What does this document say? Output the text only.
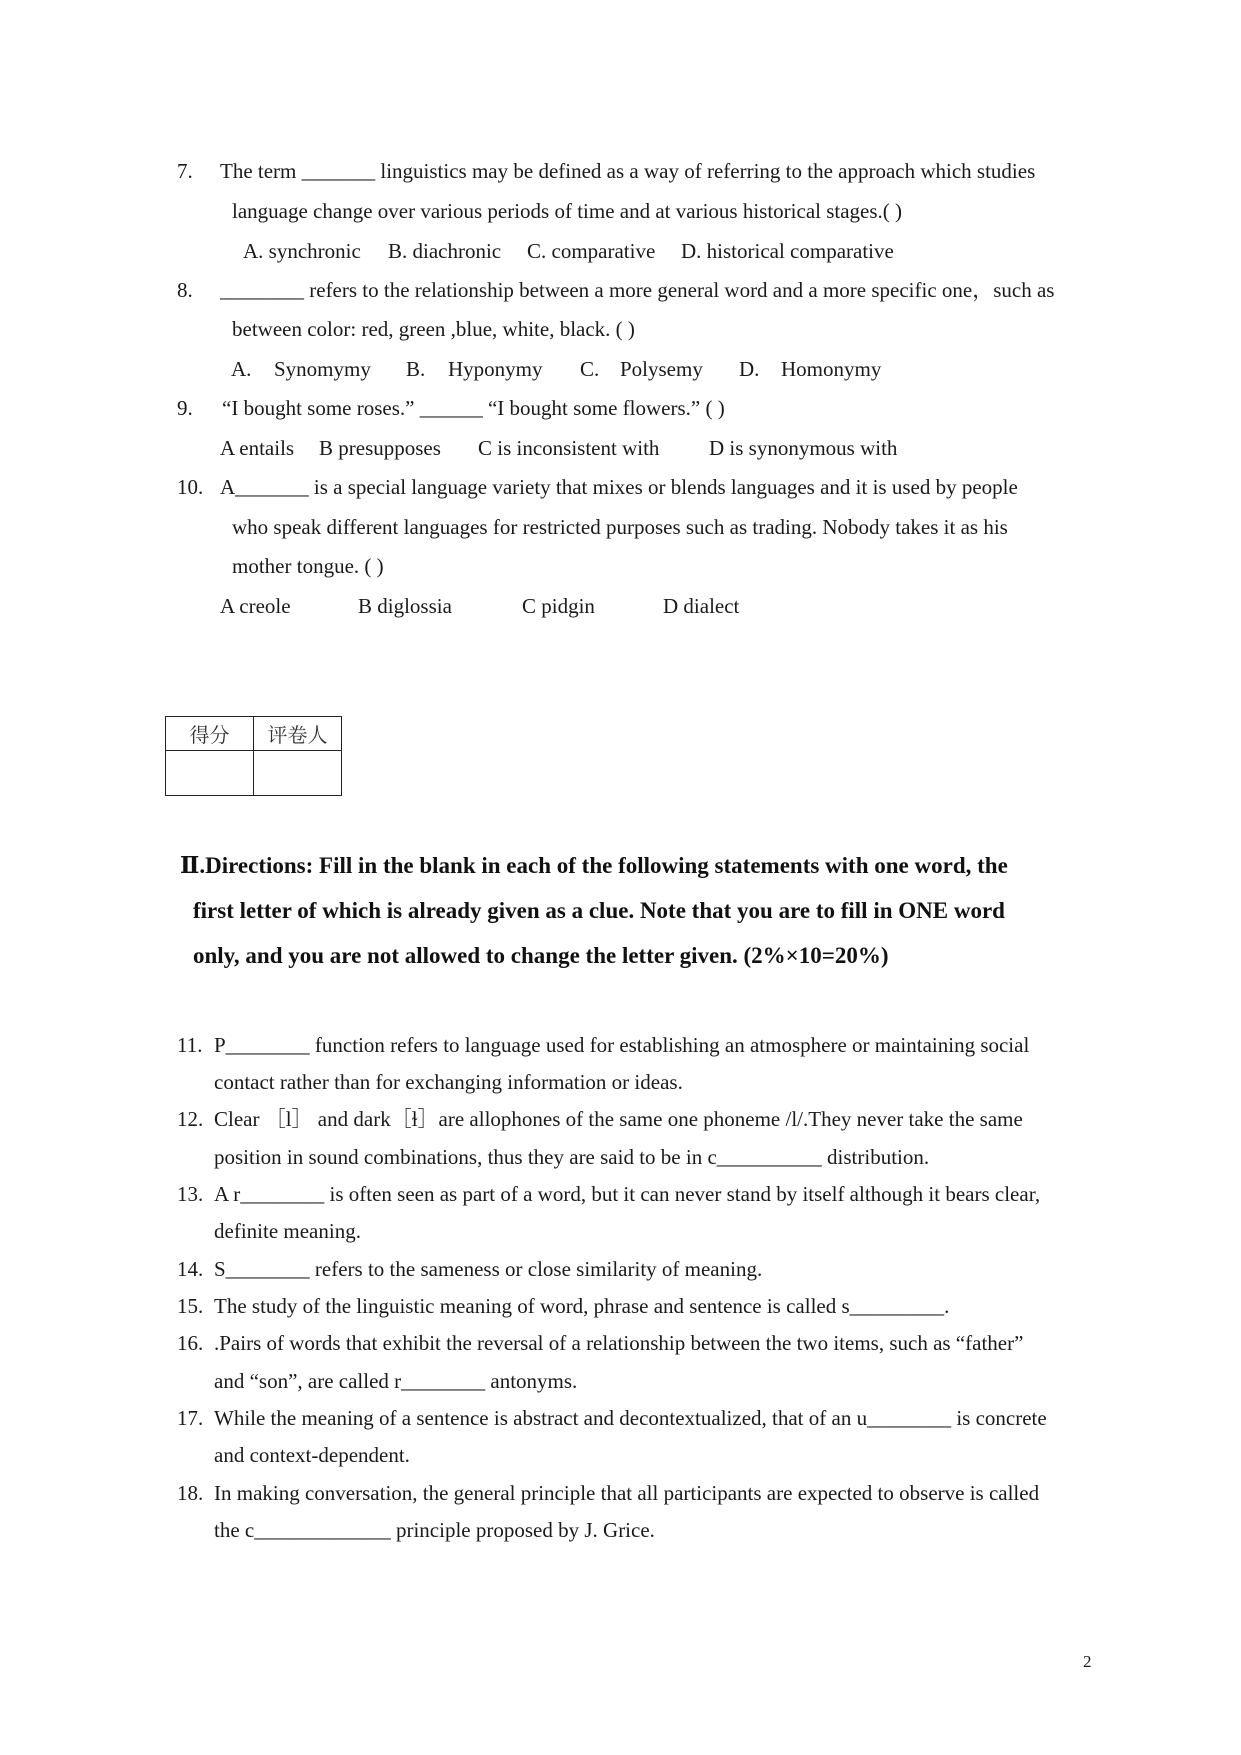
7. The term _______ linguistics may be defined as a way of referring to the approach which studies
language change over various periods of time and at various historical stages.( )
A. synchronic B. diachronic C. comparative D. historical comparative
8. ________ refers to the relationship between a more general word and a more specific one，such as
between color: red, green ,blue, white, black. ( )
A. Synomymy B. Hyponymy C. Polysemy D. Homonymy
9. “I bought some roses.” ______ “I bought some flowers.” ( )
A entails B presupposes C is inconsistent with D is synonymous with
10. A_______ is a special language variety that mixes or blends languages and it is used by people
who speak different languages for restricted purposes such as trading. Nobody takes it as his
mother tongue. ( )
A creole	B diglossia	C pidgin	D dialect
得分	评卷人

Ⅱ.Directions: Fill in the blank in each of the following statements with one word, the
first letter of which is already given as a clue. Note that you are to fill in ONE word
only, and you are not allowed to change the letter given. (2%×10=20%)
11. P________ function refers to language used for establishing an atmosphere or maintaining social
contact rather than for exchanging information or ideas.
12. Clear ［l］ and dark［ɫ］are allophones of the same one phoneme /l/.They never take the same
position in sound combinations, thus they are said to be in c__________ distribution.
13. A r________ is often seen as part of a word, but it can never stand by itself although it bears clear,
definite meaning.
14. S________ refers to the sameness or close similarity of meaning.
15. The study of the linguistic meaning of word, phrase and sentence is called s_________.
16. .Pairs of words that exhibit the reversal of a relationship between the two items, such as “father”
and “son”, are called r________ antonyms.
17. While the meaning of a sentence is abstract and decontextualized, that of an u________ is concrete
and context-dependent.
18. In making conversation, the general principle that all participants are expected to observe is called
the c_____________ principle proposed by J. Grice.
2
